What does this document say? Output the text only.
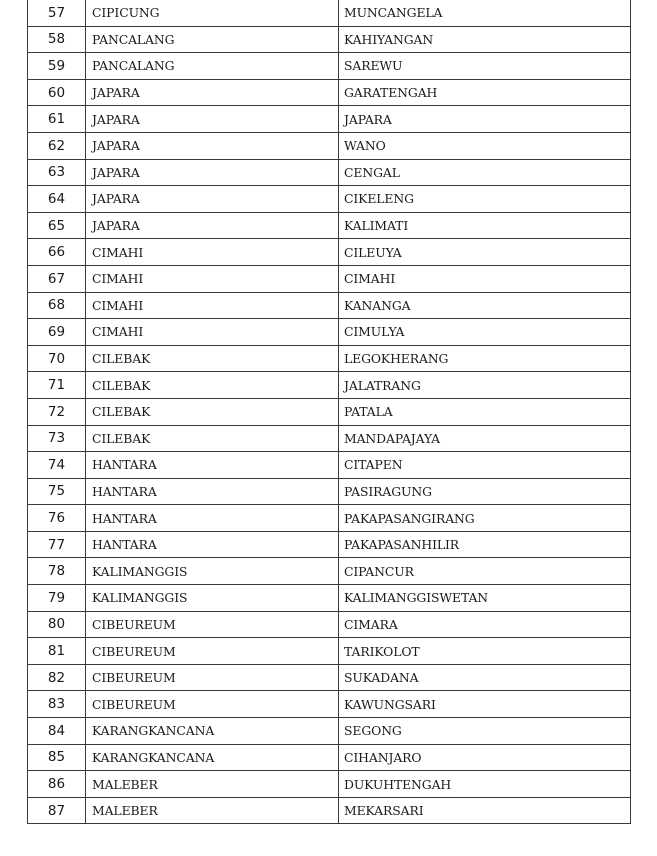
57	CIPICUNG	MUNCANGELA
58	PANCALANG	KAHIYANGAN
59	PANCALANG	SAREWU
60	JAPARA	GARATENGAH
61	JAPARA	JAPARA
62	JAPARA	WANO
63	JAPARA	CENGAL
64	JAPARA	CIKELENG
65	JAPARA	KALIMATI
66	CIMAHI	CILEUYA
67	CIMAHI	CIMAHI
68	CIMAHI	KANANGA
69	CIMAHI	CIMULYA
70	CILEBAK	LEGOKHERANG
71	CILEBAK	JALATRANG
72	CILEBAK	PATALA
73	CILEBAK	MANDAPAJAYA
74	HANTARA	CITAPEN
75	HANTARA	PASIRAGUNG
76	HANTARA	PAKAPASANGIRANG
77	HANTARA	PAKAPASANHILIR
78	KALIMANGGIS	CIPANCUR
79	KALIMANGGIS	KALIMANGGISWETAN
80	CIBEUREUM	CIMARA
81	CIBEUREUM	TARIKOLOT
82	CIBEUREUM	SUKADANA
83	CIBEUREUM	KAWUNGSARI
84	KARANGKANCANA	SEGONG
85	KARANGKANCANA	CIHANJARO
86	MALEBER	DUKUHTENGAH
87	MALEBER	MEKARSARI
